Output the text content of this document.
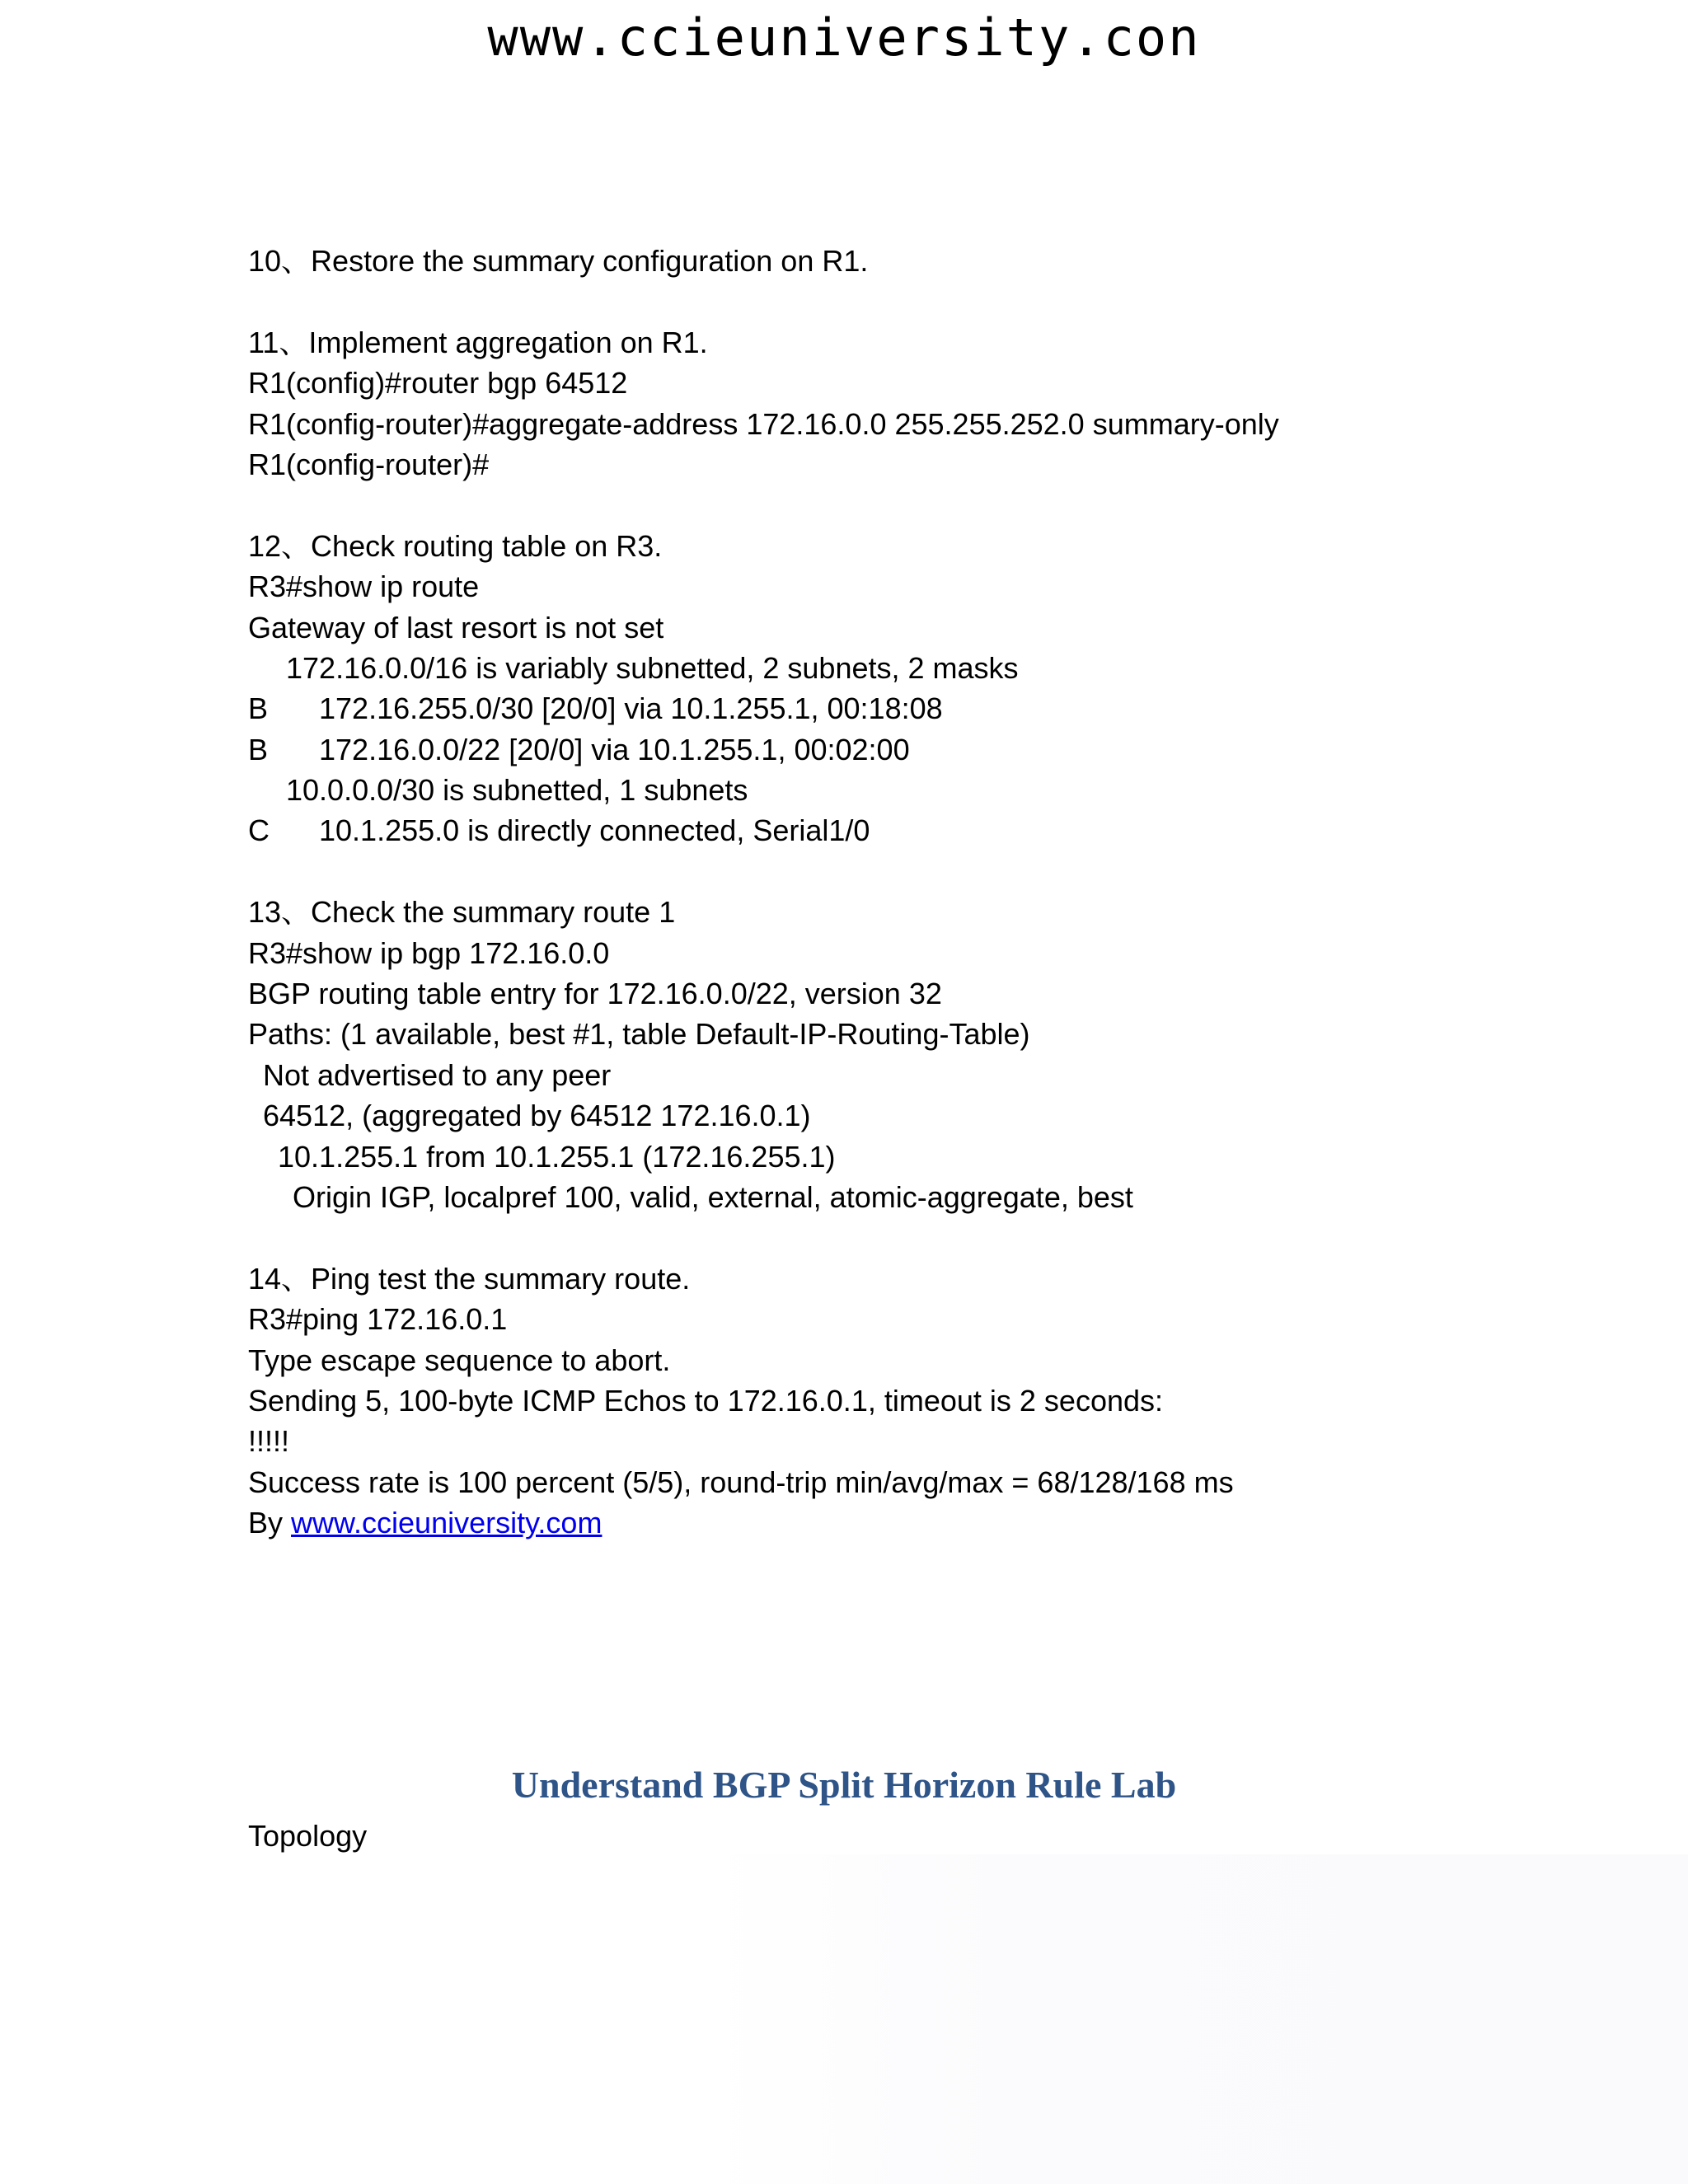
www.ccieuniversity.con
10、Restore the summary configuration on R1.
11、Implement aggregation on R1.
R1(config)#router bgp 64512
R1(config-router)#aggregate-address 172.16.0.0 255.255.252.0 summary-only
R1(config-router)#
12、Check routing table on R3.
R3#show ip route
Gateway of last resort is not set
172.16.0.0/16 is variably subnetted, 2 subnets, 2 masks
B	172.16.255.0/30 [20/0] via 10.1.255.1, 00:18:08
B	172.16.0.0/22 [20/0] via 10.1.255.1, 00:02:00
10.0.0.0/30 is subnetted, 1 subnets
C	10.1.255.0 is directly connected, Serial1/0
13、Check the summary route 1
R3#show ip bgp 172.16.0.0
BGP routing table entry for 172.16.0.0/22, version 32
Paths: (1 available, best #1, table Default-IP-Routing-Table)
Not advertised to any peer
64512, (aggregated by 64512 172.16.0.1)
10.1.255.1 from 10.1.255.1 (172.16.255.1)
Origin IGP, localpref 100, valid, external, atomic-aggregate, best
14、Ping test the summary route.
R3#ping 172.16.0.1
Type escape sequence to abort.
Sending 5, 100-byte ICMP Echos to 172.16.0.1, timeout is 2 seconds:
!!!!!
Success rate is 100 percent (5/5), round-trip min/avg/max = 68/128/168 ms
By www.ccieuniversity.com
Understand BGP Split Horizon Rule Lab
Topology
